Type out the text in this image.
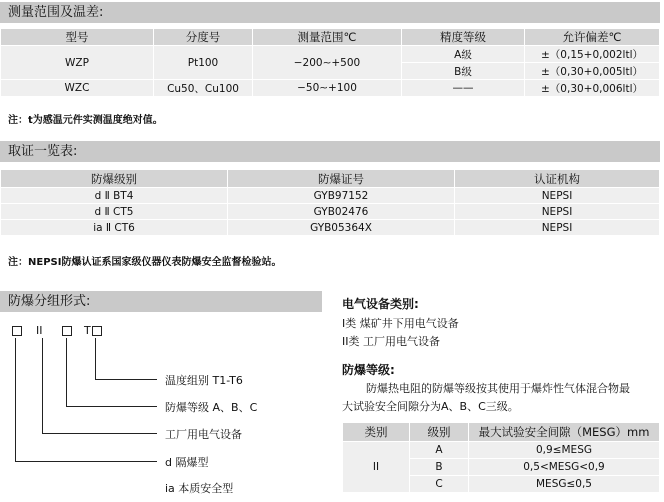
测量范围及温差:
型号	分度号	测量范围℃	精度等级	允许偏差℃
WZP	Pt100	−200∼+500	A级	±（0,15+0,002ltl）
			B级	±（0,30+0,005ltl）
WZC	Cu50、Cu100	−50∼+100	——	±（0,30+0,006ltl）
注：t为感温元件实测温度绝对值。
取证一览表:
防爆级别	防爆证号	认证机构
d Ⅱ BT4	GYB97152	NEPSI
d Ⅱ CT5	GYB02476	NEPSI
ia Ⅱ CT6	GYB05364X	NEPSI
注：NEPSI防爆认证系国家级仪器仪表防爆安全监督检验站。
防爆分组形式:
II	T
温度组别 T1-T6
防爆等级 A、B、C
工厂用电气设备
d 隔爆型
ia 本质安全型
电气设备类别:
I类 煤矿井下用电气设备
II类 工厂用电气设备
防爆等级:
防爆热电阻的防爆等级按其使用于爆炸性气体混合物最
大试验安全间隙分为A、B、C三级。
类别	级别	最大试验安全间隙（MESG）mm
II	A	0,9≤MESG
	B	0,5<MESG<0,9
	C	MESG≤0,5
